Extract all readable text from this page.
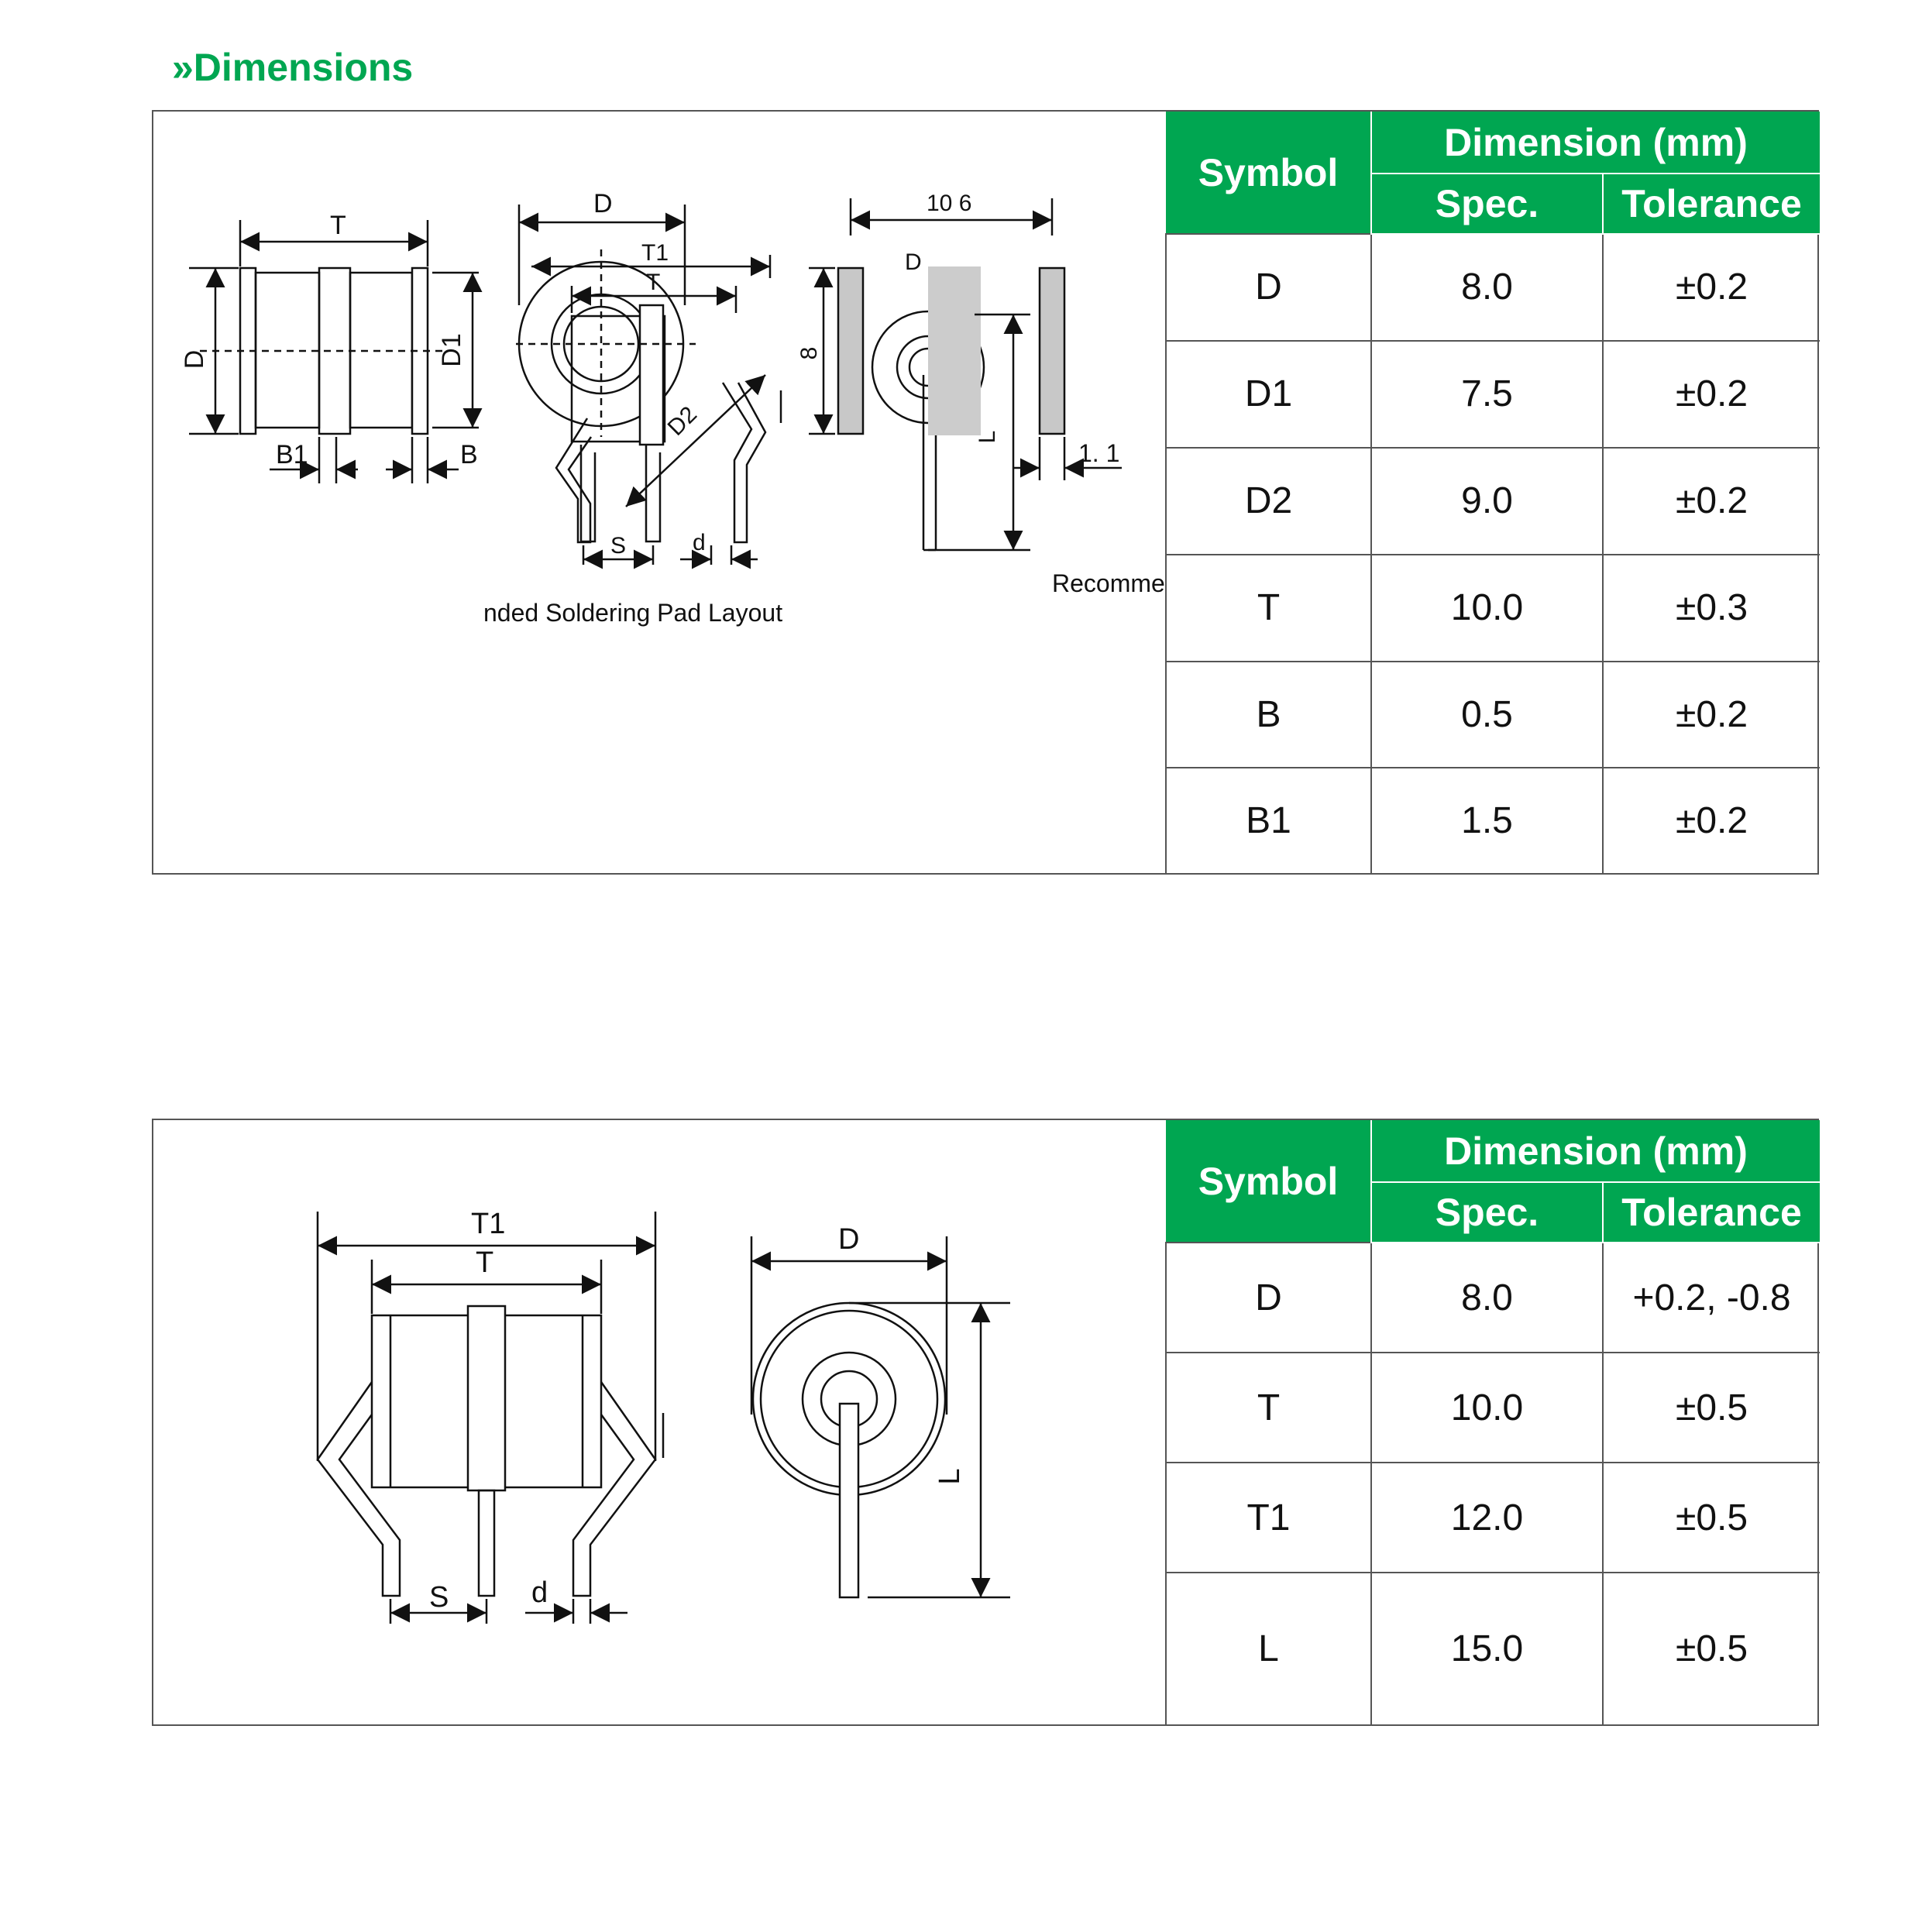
»Dimensions
T
D	D1
B1	B
D
T1
T
D2
S	d
10 6
D
8
L
1. 1
Recomme
nded Soldering Pad Layout
Symbol	Dimension (mm)	
	Spec.	Tolerance
D	8.0	±0.2
D1	7.5	±0.2
D2	9.0	±0.2
T	10.0	±0.3
B	0.5	±0.2
B1	1.5	±0.2
T1
T
D
L
S	d
Symbol	Dimension (mm)	
	Spec.	Tolerance
D	8.0	+0.2, -0.8
T	10.0	±0.5
T1	12.0	±0.5
L	15.0	±0.5
